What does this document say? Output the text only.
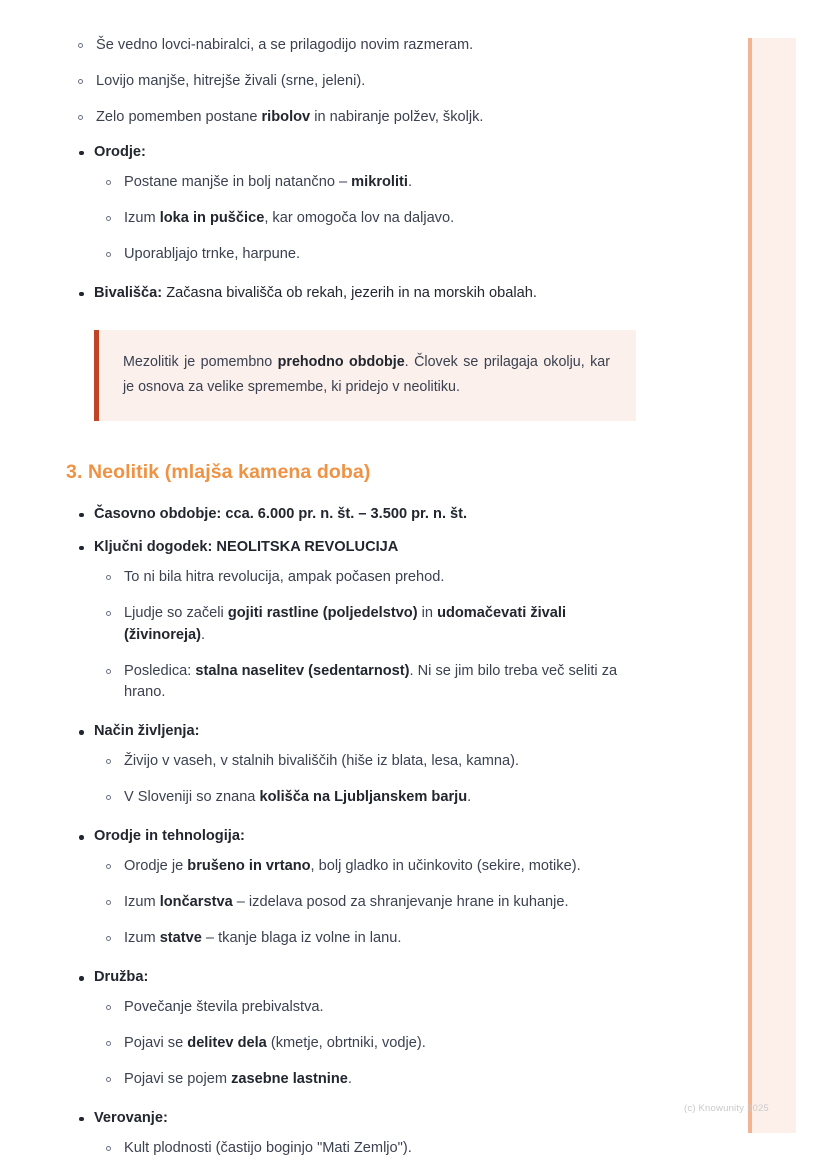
Še vedno lovci-nabiralci, a se prilagodijo novim razmeram.
Lovijo manjše, hitrejše živali (srne, jeleni).
Zelo pomemben postane ribolov in nabiranje polžev, školjk.
Orodje:
Postane manjše in bolj natančno – mikroliti.
Izum loka in puščice, kar omogoča lov na daljavo.
Uporabljajo trnke, harpune.
Bivališča: Začasna bivališča ob rekah, jezerih in na morskih obalah.

Mezolitik je pomembno prehodno obdobje. Človek se prilagaja okolju, kar je osnova za velike spremembe, ki pridejo v neolitiku.

3. Neolitik (mlajša kamena doba)
Časovno obdobje: cca. 6.000 pr. n. št. – 3.500 pr. n. št.
Ključni dogodek: NEOLITSKA REVOLUCIJA
To ni bila hitra revolucija, ampak počasen prehod.
Ljudje so začeli gojiti rastline (poljedelstvo) in udomačevati živali (živinoreja).
Posledica: stalna naselitev (sedentarnost). Ni se jim bilo treba več seliti za hrano.
Način življenja:
Živijo v vaseh, v stalnih bivališčih (hiše iz blata, lesa, kamna).
V Sloveniji so znana kolišča na Ljubljanskem barju.
Orodje in tehnologija:
Orodje je brušeno in vrtano, bolj gladko in učinkovito (sekire, motike).
Izum lončarstva – izdelava posod za shranjevanje hrane in kuhanje.
Izum statve – tkanje blaga iz volne in lanu.
Družba:
Povečanje števila prebivalstva.
Pojavi se delitev dela (kmetje, obrtniki, vodje).
Pojavi se pojem zasebne lastnine.
Verovanje:
Kult plodnosti (častijo boginjo "Mati Zemljo").
(c) Knowunity 2025
